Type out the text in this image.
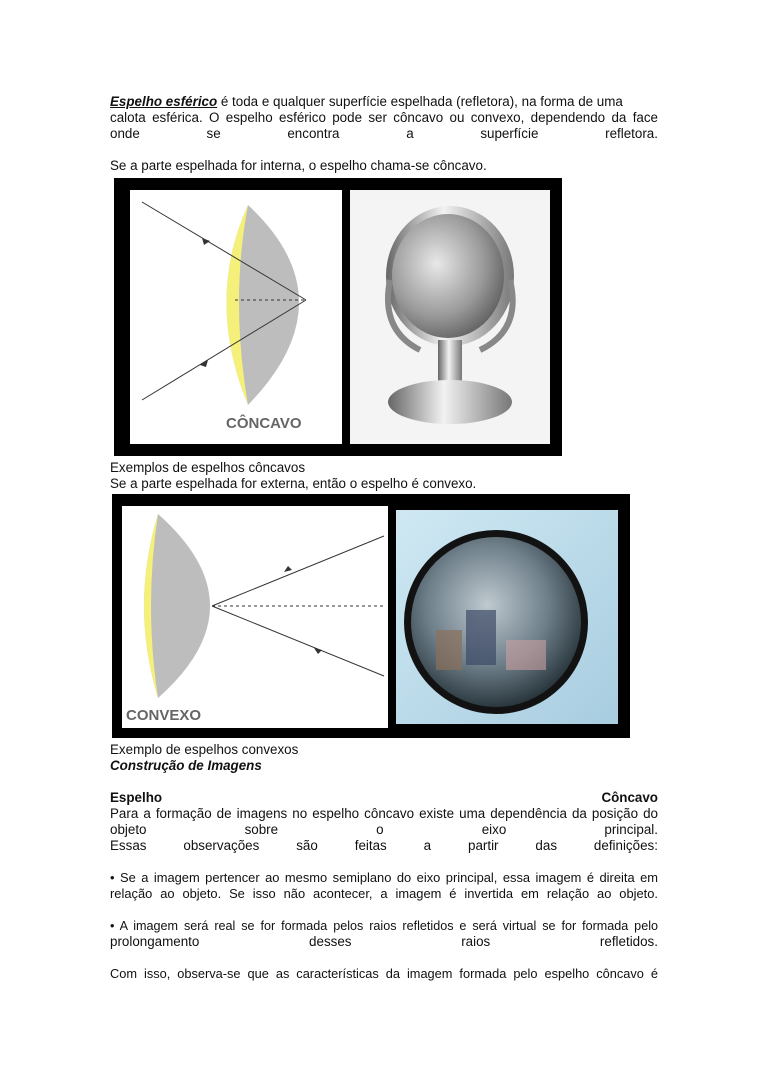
Espelho esférico é toda e qualquer superfície espelhada (refletora), na forma de uma

calota esférica. O espelho esférico pode ser côncavo ou convexo, dependendo da face

onde	se	encontra	a	superfície	refletora.

Se a parte espelhada for interna, o espelho chama-se côncavo.

CÔNCAVO

Exemplos de espelhos côncavos

Se a parte espelhada for externa, então o espelho é convexo.

CONVEXO

Exemplo de espelhos convexos

Construção de Imagens

Espelho	Côncavo

Para a formação de imagens no espelho côncavo existe uma dependência da posição do

objeto	sobre	o	eixo	principal.
Essas	observações	são	feitas	a	partir	das	definições:

• Se a imagem pertencer ao mesmo semiplano do eixo principal, essa imagem é direita em

relação ao objeto. Se isso não acontecer, a imagem é invertida em relação ao objeto.

• A imagem será real se for formada pelos raios refletidos e será virtual se for formada pelo

prolongamento	desses	raios	refletidos.

Com isso, observa-se que as características da imagem formada pelo espelho côncavo é
